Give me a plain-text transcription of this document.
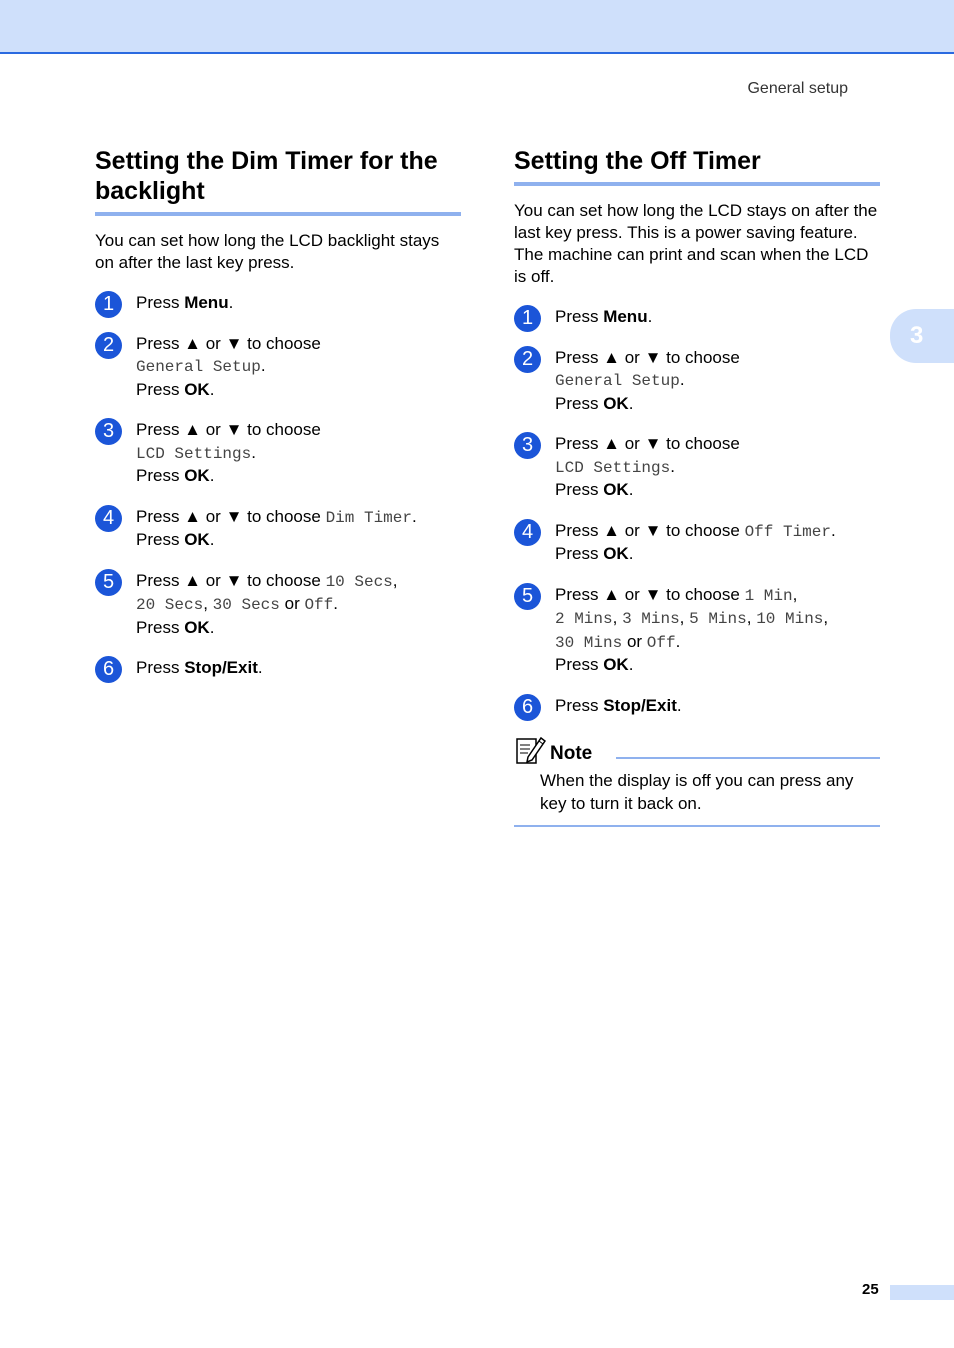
General setup
3
Setting the Dim Timer for the backlight

You can set how long the LCD backlight stays on after the last key press.

1	Press Menu.
2	Press ▲ or ▼ to choose
General Setup.
Press OK.
3	Press ▲ or ▼ to choose
LCD Settings.
Press OK.
4	Press ▲ or ▼ to choose Dim Timer.
Press OK.
5	Press ▲ or ▼ to choose 10 Secs,
20 Secs, 30 Secs or Off.
Press OK.
6	Press Stop/Exit.
Setting the Off Timer

You can set how long the LCD stays on after the last key press. This is a power saving feature. The machine can print and scan when the LCD is off.

1	Press Menu.
2	Press ▲ or ▼ to choose
General Setup.
Press OK.
3	Press ▲ or ▼ to choose
LCD Settings.
Press OK.
4	Press ▲ or ▼ to choose Off Timer.
Press OK.
5	Press ▲ or ▼ to choose 1 Min,
2 Mins, 3 Mins, 5 Mins, 10 Mins,
30 Mins or Off.
Press OK.
6	Press Stop/Exit.
Note
When the display is off you can press any key to turn it back on.
25
